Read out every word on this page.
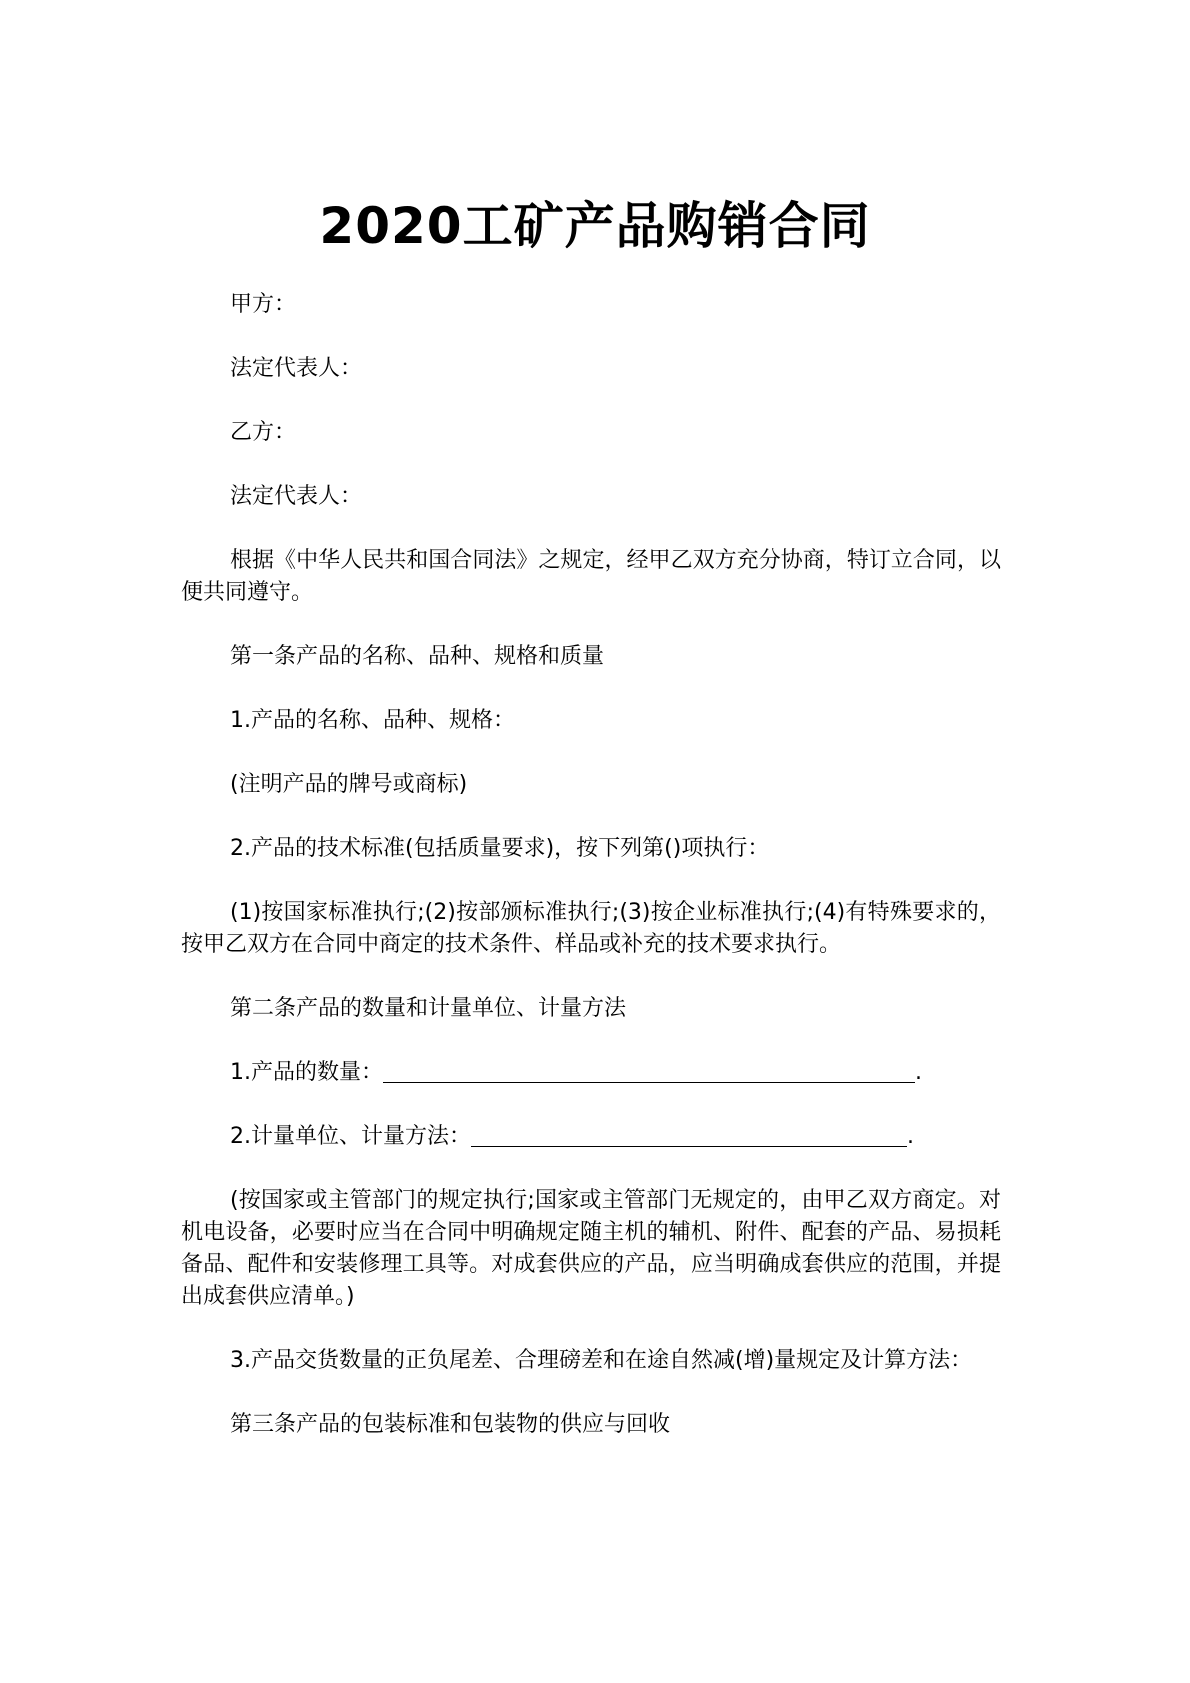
2020工矿产品购销合同

甲方：

法定代表人：

乙方：

法定代表人：

根据《中华人民共和国合同法》之规定，经甲乙双方充分协商，特订立合同，以便共同遵守。

第一条产品的名称、品种、规格和质量

1.产品的名称、品种、规格：

(注明产品的牌号或商标)

2.产品的技术标准(包括质量要求)，按下列第()项执行：

(1)按国家标准执行;(2)按部颁标准执行;(3)按企业标准执行;(4)有特殊要求的，按甲乙双方在合同中商定的技术条件、样品或补充的技术要求执行。

第二条产品的数量和计量单位、计量方法

1.产品的数量：	.

2.计量单位、计量方法：	.

(按国家或主管部门的规定执行;国家或主管部门无规定的，由甲乙双方商定。对机电设备，必要时应当在合同中明确规定随主机的辅机、附件、配套的产品、易损耗备品、配件和安装修理工具等。对成套供应的产品，应当明确成套供应的范围，并提出成套供应清单。)

3.产品交货数量的正负尾差、合理磅差和在途自然减(增)量规定及计算方法：

第三条产品的包装标准和包装物的供应与回收
